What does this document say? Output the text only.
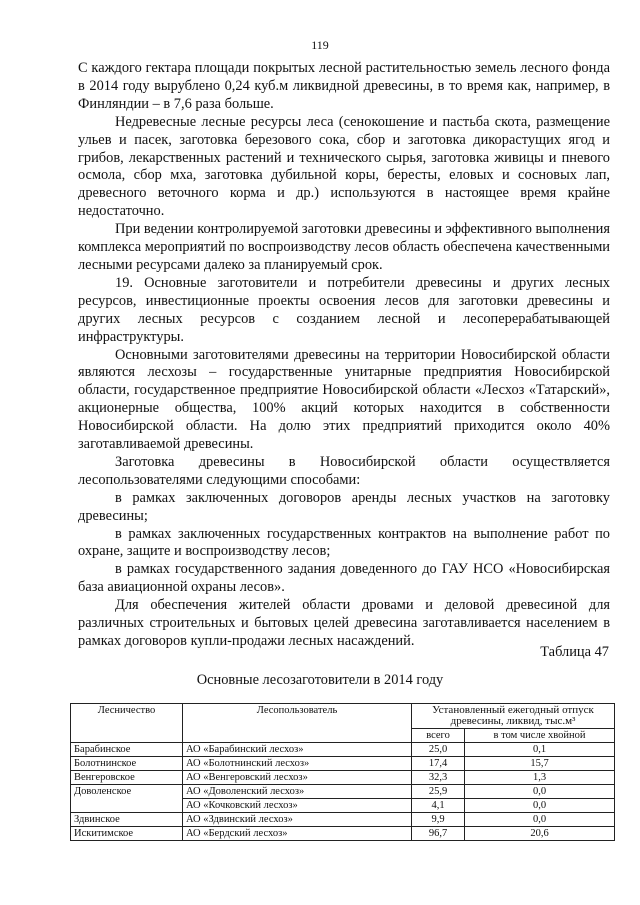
119

С каждого гектара площади покрытых лесной растительностью земель лесного фонда в 2014 году вырублено 0,24 куб.м ликвидной древесины, в то время как, например, в Финляндии – в 7,6 раза больше.

Недревесные лесные ресурсы леса (сенокошение и пастьба скота, размещение ульев и пасек, заготовка березового сока, сбор и заготовка дикорастущих ягод и грибов, лекарственных растений и технического сырья, заготовка живицы и пневого осмола, сбор мха, заготовка дубильной коры, бересты, еловых и сосновых лап, древесного веточного корма и др.) используются в настоящее время крайне недостаточно.

При ведении контролируемой заготовки древесины и эффективного выполнения комплекса мероприятий по воспроизводству лесов область обеспечена качественными лесными ресурсами далеко за планируемый срок.

19. Основные заготовители и потребители древесины и других лесных ресурсов, инвестиционные проекты освоения лесов для заготовки древесины и других лесных ресурсов с созданием лесной и лесоперерабатывающей инфраструктуры.

Основными заготовителями древесины на территории Новосибирской области являются лесхозы – государственные унитарные предприятия Новосибирской области, государственное предприятие Новосибирской области «Лесхоз «Татарский», акционерные общества, 100% акций которых находится в собственности Новосибирской области. На долю этих предприятий приходится около 40% заготавливаемой древесины.

Заготовка древесины в Новосибирской области осуществляется лесопользователями следующими способами:

в рамках заключенных договоров аренды лесных участков на заготовку древесины;

в рамках заключенных государственных контрактов на выполнение работ по охране, защите и воспроизводству лесов;

в рамках государственного задания доведенного до ГАУ НСО «Новосибирская база авиационной охраны лесов».

Для обеспечения жителей области дровами и деловой древесиной для различных строительных и бытовых целей древесина заготавливается населением в рамках договоров купли-продажи лесных насаждений.

Таблица 47
Основные лесозаготовители в 2014 году
Лесничество	Лесопользователь	Установленный ежегодный отпуск древесины, ликвид, тыс.м³	
		всего	в том числе хвойной
Барабинское	АО «Барабинский лесхоз»	25,0	0,1
Болотнинское	АО «Болотнинский лесхоз»	17,4	15,7
Венгеровское	АО «Венгеровский лесхоз»	32,3	1,3
Доволенское	АО «Доволенский лесхоз»	25,9	0,0
	АО «Кочковский лесхоз»	4,1	0,0
Здвинское	АО «Здвинский лесхоз»	9,9	0,0
Искитимское	АО «Бердский лесхоз»	96,7	20,6
